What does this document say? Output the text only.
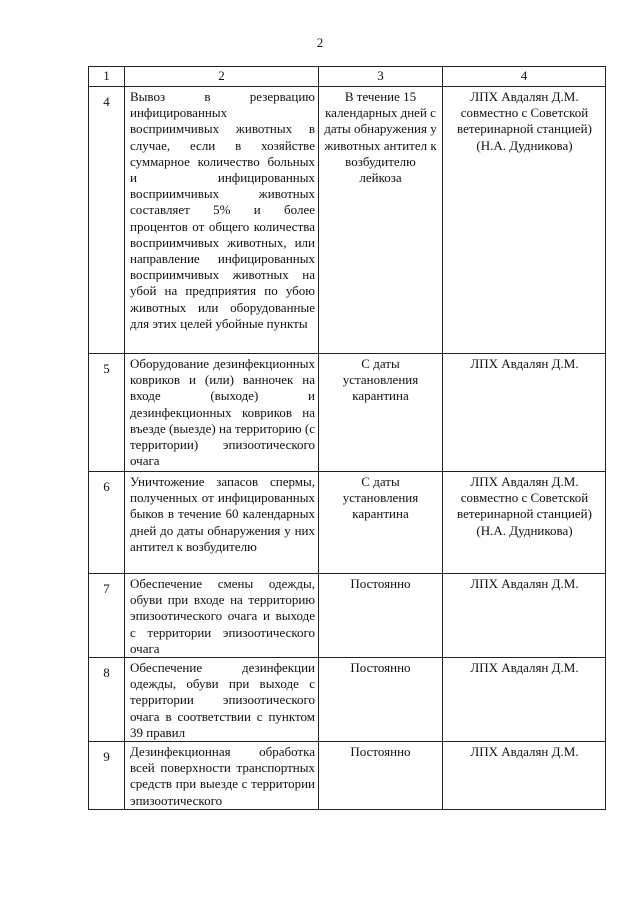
2
1	2	3	4

4	Вывоз в резервацию инфицированных восприимчивых животных в случае, если в хозяйстве суммарное количество больных и инфицированных восприимчивых животных составляет 5% и более процентов от общего количества восприимчивых животных, или направление инфицированных восприимчивых животных на убой на предприятия по убою животных или оборудованные для этих целей убойные пункты	В течение 15 календарных дней с даты обнаружения у животных антител к возбудителю лейкоза	ЛПХ Авдалян Д.М. совместно с Советской ветеринарной станцией) (Н.А. Дудникова)

5	Оборудование дезинфекционных ковриков и (или) ванночек на входе (выходе) и дезинфекционных ковриков на въезде (выезде) на территорию (с территории) эпизоотического очага	С даты установления карантина	ЛПХ Авдалян Д.М.

6	Уничтожение запасов спермы, полученных от инфицированных быков в течение 60 календарных дней до даты обнаружения у них антител к возбудителю	С даты установления карантина	ЛПХ Авдалян Д.М. совместно с Советской ветеринарной станцией) (Н.А. Дудникова)

7	Обеспечение смены одежды, обуви при входе на территорию эпизоотического очага и выходе с территории эпизоотического очага	Постоянно	ЛПХ Авдалян Д.М.

8	Обеспечение дезинфекции одежды, обуви при выходе с территории эпизоотического очага в соответствии с пунктом 39 правил	Постоянно	ЛПХ Авдалян Д.М.

9	Дезинфекционная обработка всей поверхности транспортных средств при выезде с территории эпизоотического	Постоянно	ЛПХ Авдалян Д.М.
